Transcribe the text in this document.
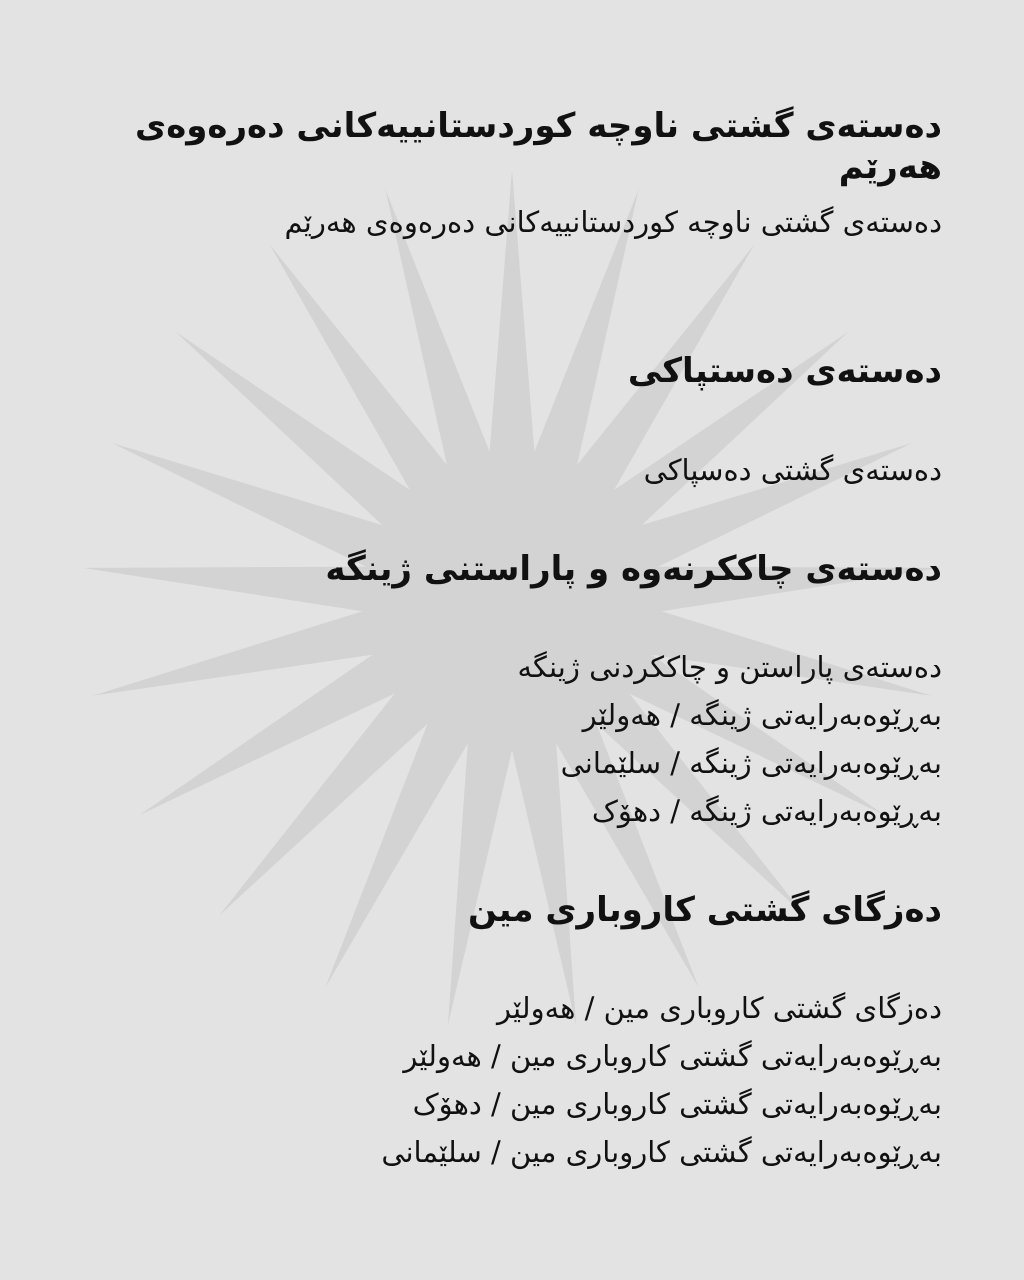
دەستەی گشتی ناوچە کوردستانییەکانی دەرەوەی هەرێم

دەستەی گشتی ناوچە کوردستانییەکانی دەرەوەی هەرێم

دەستەی دەستپاکی
دەستەی گشتی دەسپاکی
دەستەی چاککرنەوە و پاراستنی ژینگە
دەستەی پاراستن و چاککردنی ژینگە
بەڕێوەبەرایەتی ژینگە / هەولێر
بەڕێوەبەرایەتی ژینگە / سلێمانی
بەڕێوەبەرایەتی ژینگە / دهۆک
دەزگای گشتی کاروباری مین
دەزگای گشتی کاروباری مین / هەولێر
بەڕێوەبەرایەتی گشتی کاروباری مین / هەولێر
بەڕێوەبەرایەتی گشتی کاروباری مین / دهۆک
بەڕێوەبەرایەتی گشتی کاروباری مین / سلێمانی
